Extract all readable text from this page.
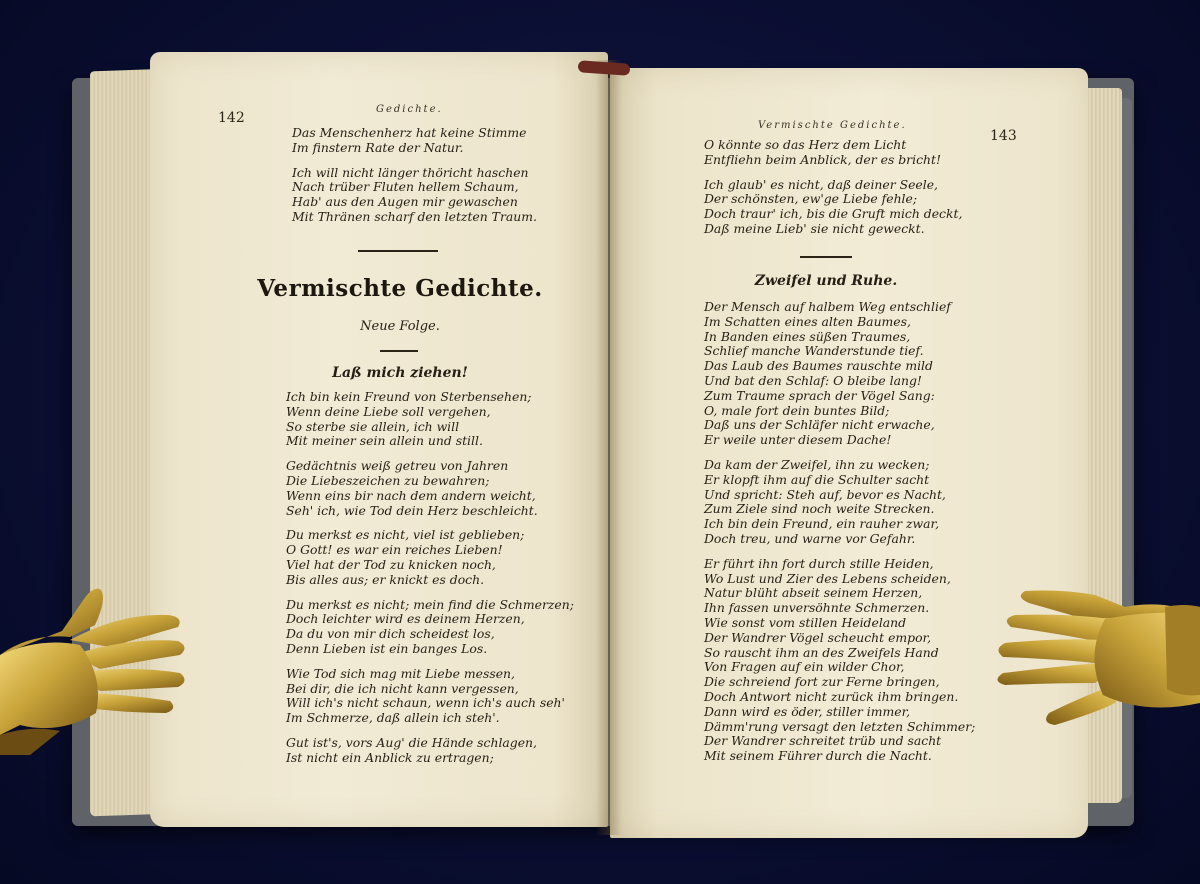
142
Gedichte.
Das Menschenherz hat keine Stimme
Im finstern Rate der Natur.
Ich will nicht länger thöricht haschen
Nach trüber Fluten hellem Schaum,
Hab' aus den Augen mir gewaschen
Mit Thränen scharf den letzten Traum.
Vermischte Gedichte.
Neue Folge.
Laß mich ziehen!
Ich bin kein Freund von Sterbensehen;
Wenn deine Liebe soll vergehen,
So sterbe sie allein, ich will
Mit meiner sein allein und still.
Gedächtnis weiß getreu von Jahren
Die Liebeszeichen zu bewahren;
Wenn eins bir nach dem andern weicht,
Seh' ich, wie Tod dein Herz beschleicht.
Du merkst es nicht, viel ist geblieben;
O Gott! es war ein reiches Lieben!
Viel hat der Tod zu knicken noch,
Bis alles aus; er knickt es doch.
Du merkst es nicht; mein find die Schmerzen;
Doch leichter wird es deinem Herzen,
Da du von mir dich scheidest los,
Denn Lieben ist ein banges Los.
Wie Tod sich mag mit Liebe messen,
Bei dir, die ich nicht kann vergessen,
Will ich's nicht schaun, wenn ich's auch seh'
Im Schmerze, daß allein ich steh'.
Gut ist's, vors Aug' die Hände schlagen,
Ist nicht ein Anblick zu ertragen;
Vermischte Gedichte.
143
O könnte so das Herz dem Licht
Entfliehn beim Anblick, der es bricht!
Ich glaub' es nicht, daß deiner Seele,
Der schönsten, ew'ge Liebe fehle;
Doch traur' ich, bis die Gruft mich deckt,
Daß meine Lieb' sie nicht geweckt.
Zweifel und Ruhe.
Der Mensch auf halbem Weg entschlief
Im Schatten eines alten Baumes,
In Banden eines süßen Traumes,
Schlief manche Wanderstunde tief.
Das Laub des Baumes rauschte mild
Und bat den Schlaf: O bleibe lang!
Zum Traume sprach der Vögel Sang:
O, male fort dein buntes Bild;
Daß uns der Schläfer nicht erwache,
Er weile unter diesem Dache!
Da kam der Zweifel, ihn zu wecken;
Er klopft ihm auf die Schulter sacht
Und spricht: Steh auf, bevor es Nacht,
Zum Ziele sind noch weite Strecken.
Ich bin dein Freund, ein rauher zwar,
Doch treu, und warne vor Gefahr.
Er führt ihn fort durch stille Heiden,
Wo Lust und Zier des Lebens scheiden,
Natur blüht abseit seinem Herzen,
Ihn fassen unversöhnte Schmerzen.
Wie sonst vom stillen Heideland
Der Wandrer Vögel scheucht empor,
So rauscht ihm an des Zweifels Hand
Von Fragen auf ein wilder Chor,
Die schreiend fort zur Ferne bringen,
Doch Antwort nicht zurück ihm bringen.
Dann wird es öder, stiller immer,
Dämm'rung versagt den letzten Schimmer;
Der Wandrer schreitet trüb und sacht
Mit seinem Führer durch die Nacht.
